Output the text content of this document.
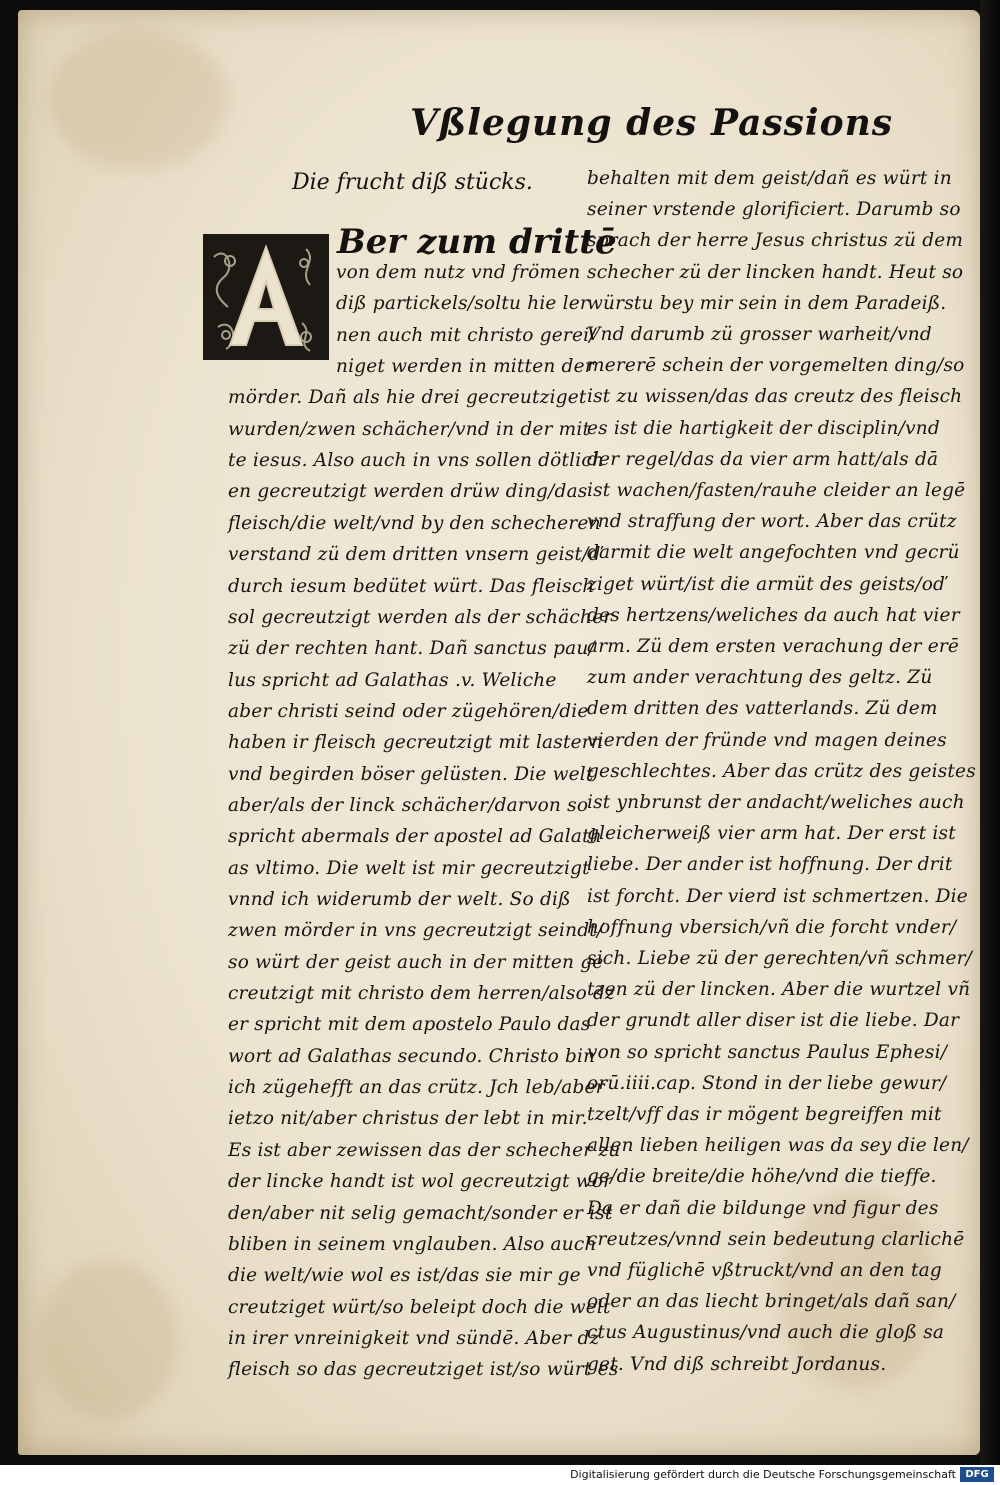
Vßlegung des Passions
Die frucht diß stücks.
Ber zum drittē
von dem nutz vnd frömen
diß partickels/soltu hie ler
nen auch mit christo gerei/
niget werden in mitten der
mörder. Dañ als hie drei gecreutziget
wurden/zwen schächer/vnd in der mit
te iesus. Also auch in vns sollen dötlich
en gecreutzigt werden drüw ding/das
fleisch/die welt/vnd by den schecheren
verstand zü dem dritten vnsern geist/ď
durch iesum bedütet würt. Das fleisch
sol gecreutzigt werden als der schächer
zü der rechten hant. Dañ sanctus pau/
lus spricht ad Galathas .v. Weliche
aber christi seind oder zügehören/die
haben ir fleisch gecreutzigt mit lastern
vnd begirden böser gelüsten. Die welt
aber/als der linck schächer/darvon so
spricht abermals der apostel ad Galath
as vltimo. Die welt ist mir gecreutzigt
vnnd ich widerumb der welt. So diß
zwen mörder in vns gecreutzigt seindt/
so würt der geist auch in der mitten ge
creutzigt mit christo dem herren/also dz
er spricht mit dem apostelo Paulo das
wort ad Galathas secundo. Christo bin
ich zügehefft an das crütz. Jch leb/aber
ietzo nit/aber christus der lebt in mir.
Es ist aber zewissen das der schecher zu
der lincke handt ist wol gecreutzigt wor
den/aber nit selig gemacht/sonder er ist
bliben in seinem vnglauben. Also auch
die welt/wie wol es ist/das sie mir ge
creutziget würt/so beleipt doch die welt
in irer vnreinigkeit vnd sündē. Aber dz
fleisch so das gecreutziget ist/so würt es
behalten mit dem geist/dañ es würt in
seiner vrstende glorificiert. Darumb so
sprach der herre Jesus christus zü dem
schecher zü der lincken handt. Heut so
würstu bey mir sein in dem Paradeiß.
Vnd darumb zü grosser warheit/vnd
mererē schein der vorgemelten ding/so
ist zu wissen/das das creutz des fleisch
es ist die hartigkeit der disciplin/vnd
der regel/das da vier arm hatt/als dā
ist wachen/fasten/rauhe cleider an legē
vnd straffung der wort. Aber das crütz
darmit die welt angefochten vnd gecrü
ziget würt/ist die armüt des geists/oď
des hertzens/weliches da auch hat vier
arm. Zü dem ersten verachung der erē
zum ander verachtung des geltz. Zü
dem dritten des vatterlands. Zü dem
vierden der fründe vnd magen deines
geschlechtes. Aber das crütz des geistes
ist ynbrunst der andacht/weliches auch
gleicherweiß vier arm hat. Der erst ist
liebe. Der ander ist hoffnung. Der drit
ist forcht. Der vierd ist schmertzen. Die
hoffnung vbersich/vñ die forcht vnder/
sich. Liebe zü der gerechten/vñ schmer/
tzen zü der lincken. Aber die wurtzel vñ
der grundt aller diser ist die liebe. Dar
von so spricht sanctus Paulus Ephesi/
orū.iiii.cap. Stond in der liebe gewur/
tzelt/vff das ir mögent begreiffen mit
allen lieben heiligen was da sey die len/
ge/die breite/die höhe/vnd die tieffe.
Da er dañ die bildunge vnd figur des
creutzes/vnnd sein bedeutung clarlichē
vnd füglichē vßtruckt/vnd an den tag
oder an das liecht bringet/als dañ san/
ctus Augustinus/vnd auch die gloß sa
get. Vnd diß schreibt Jordanus.
Digitalisierung gefördert durch die Deutsche Forschungsgemeinschaft DFG
